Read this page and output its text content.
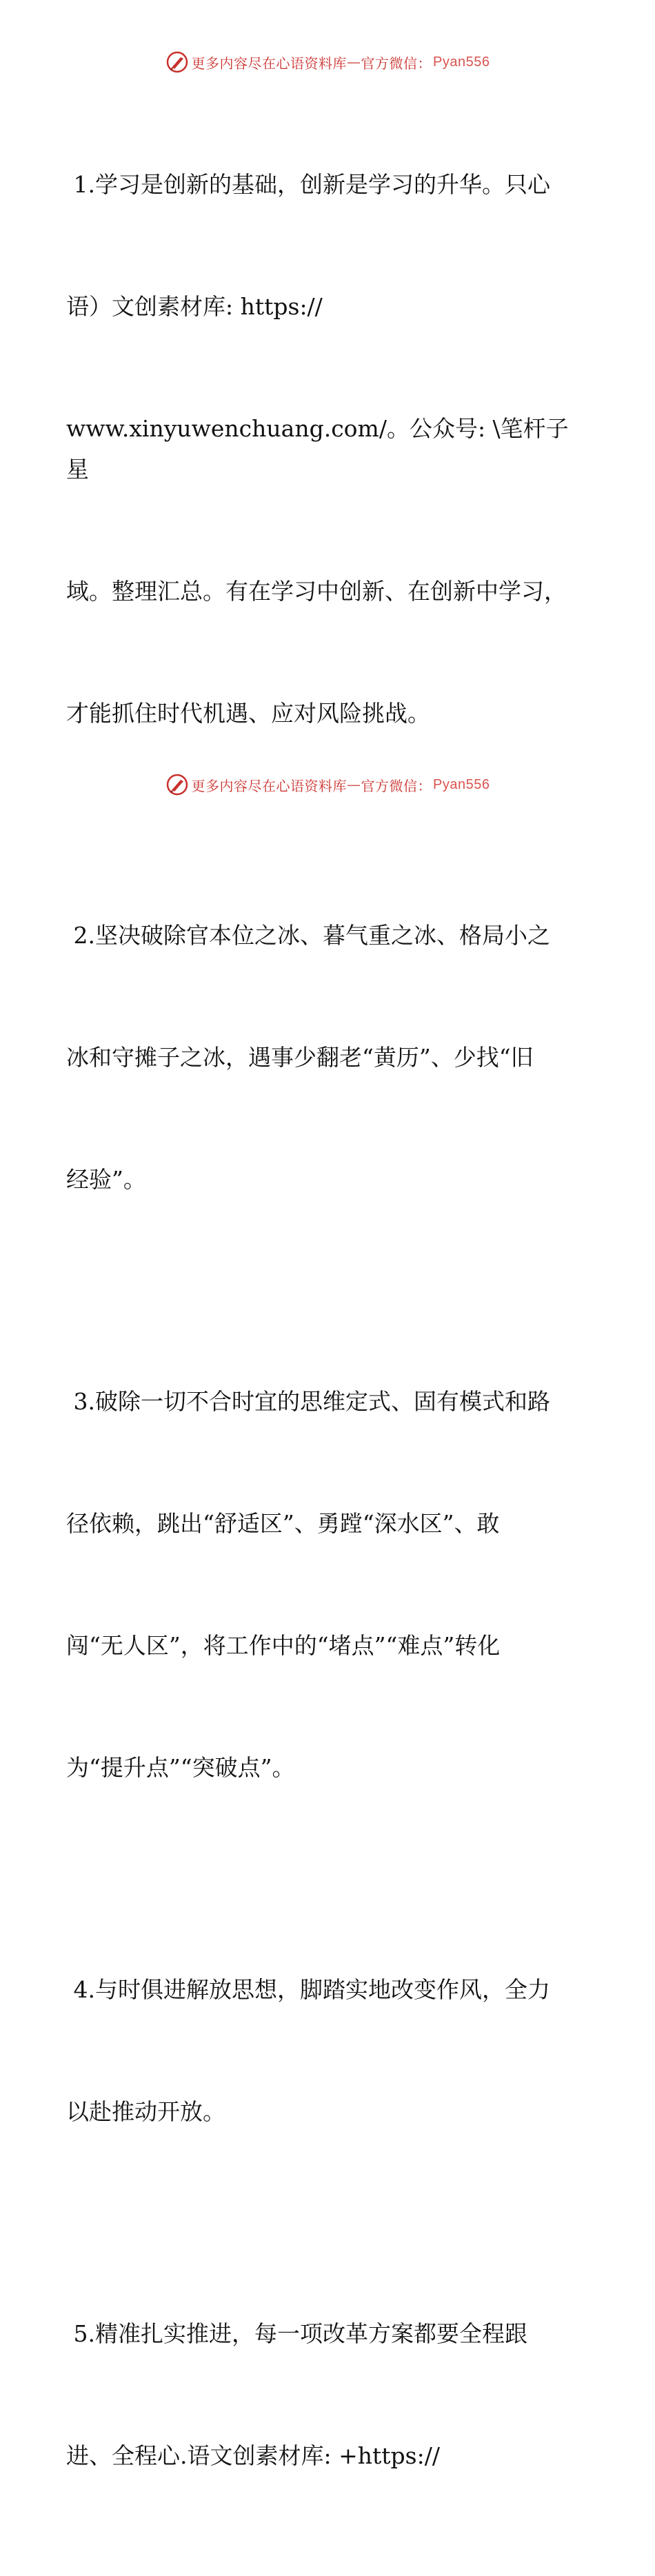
更多内容尽在心语资料库 — 官方微信： Pyan556

1.学习是创新的基础，创新是学习的升华。只心

语）文创素材库: https://

www.xinyuwenchuang.com/。公众号: \笔杆子星

域。整理汇总。有在学习中创新、在创新中学习，

才能抓住时代机遇、应对风险挑战。

2.坚决破除官本位之冰、暮气重之冰、格局小之

冰和守摊子之冰，遇事少翻老“黄历”、少找“旧

经验”。

3.破除一切不合时宜的思维定式、固有模式和路

径依赖，跳出“舒适区”、勇蹚“深水区”、敢

闯“无人区”，将工作中的“堵点”“难点”转化

为“提升点”“突破点”。

4.与时俱进解放思想，脚踏实地改变作风，全力

以赴推动开放。

5.精准扎实推进，每一项改革方案都要全程跟

进、全程心.语文创素材库: +https://

更多内容尽在心语资料库 — 官方微信： Pyan556
